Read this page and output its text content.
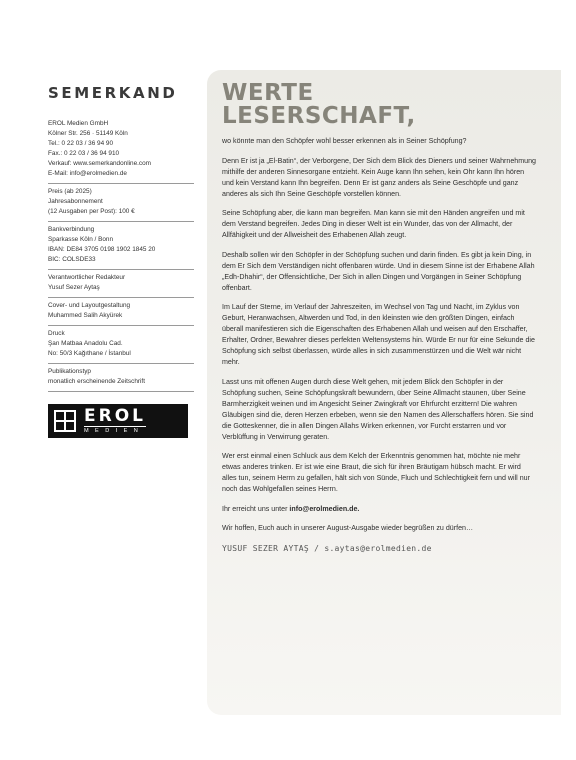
SEMERKAND
EROL Medien GmbH
Kölner Str. 256 · 51149 Köln
Tel.: 0 22 03 / 36 94 90
Fax.: 0 22 03 / 36 94 910
Verkauf: www.semerkandonline.com
E-Mail: info@erolmedien.de
Preis (ab 2025)
Jahresabonnement
(12 Ausgaben per Post): 100 €
Bankverbindung
Sparkasse Köln / Bonn
IBAN: DE84 3705 0198 1902 1845 20
BIC: COLSDE33
Verantwortlicher Redakteur
Yusuf Sezer Aytaş
Cover- und Layoutgestaltung
Muhammed Salih Akyürek
Druck
Şan Matbaa Anadolu Cad.
No: 50/3 Kağıthane / İstanbul
Publikationstyp
monatlich erscheinende Zeitschrift
EROL
MEDIEN
WERTE
LESERSCHAFT,

wo könnte man den Schöpfer wohl besser erkennen als in Seiner Schöpfung?

Denn Er ist ja „El-Batin“, der Verborgene, Der Sich dem Blick des Dieners und seiner Wahrnehmung mithilfe der anderen Sinnesorgane entzieht. Kein Auge kann Ihn sehen, kein Ohr kann Ihn hören und kein Verstand kann Ihn begreifen. Denn Er ist ganz anders als Seine Geschöpfe und ganz anderes als sich Ihn Seine Geschöpfe vorstellen können.

Seine Schöpfung aber, die kann man begreifen. Man kann sie mit den Händen angreifen und mit dem Verstand begreifen. Jedes Ding in dieser Welt ist ein Wunder, das von der Allmacht, der Allfähigkeit und der Allweisheit des Erhabenen Allah zeugt.

Deshalb sollen wir den Schöpfer in der Schöpfung suchen und darin finden. Es gibt ja kein Ding, in dem Er Sich dem Verständigen nicht offenbaren würde. Und in diesem Sinne ist der Erhabene Allah „Edh-Dhahir“, der Offensichtliche, Der Sich in allen Dingen und Vorgängen in Seiner Schöpfung offenbart.

Im Lauf der Sterne, im Verlauf der Jahreszeiten, im Wechsel von Tag und Nacht, im Zyklus von Geburt, Heranwachsen, Altwerden und Tod, in den kleinsten wie den größten Dingen, einfach überall manifestieren sich die Eigenschaften des Erhabenen Allah und weisen auf den Erschaffer, Erhalter, Ordner, Bewahrer dieses perfekten Weltensystems hin. Würde Er nur für eine Sekunde die Schöpfung sich selbst überlassen, würde alles in sich zusammenstürzen und die Welt wär nicht mehr.

Lasst uns mit offenen Augen durch diese Welt gehen, mit jedem Blick den Schöpfer in der Schöpfung suchen, Seine Schöpfungskraft bewundern, über Seine Allmacht staunen, über Seine Barmherzigkeit weinen und im Angesicht Seiner Zwingkraft vor Ehrfurcht erzittern! Die wahren Gläubigen sind die, deren Herzen erbeben, wenn sie den Namen des Allerschaffers hören. Sie sind die Gotteskenner, die in allen Dingen Allahs Wirken erkennen, vor Furcht erstarren und vor Verblüffung in Verwirrung geraten.

Wer erst einmal einen Schluck aus dem Kelch der Erkenntnis genommen hat, möchte nie mehr etwas anderes trinken. Er ist wie eine Braut, die sich für ihren Bräutigam hübsch macht. Er wird alles tun, seinem Herrn zu gefallen, hält sich von Sünde, Fluch und Schlechtigkeit fern und will nur noch das Wohlgefallen seines Herrn.

Ihr erreicht uns unter info@erolmedien.de.

Wir hoffen, Euch auch in unserer August-Ausgabe wieder begrüßen zu dürfen…

YUSUF SEZER AYTAŞ / s.aytas@erolmedien.de
